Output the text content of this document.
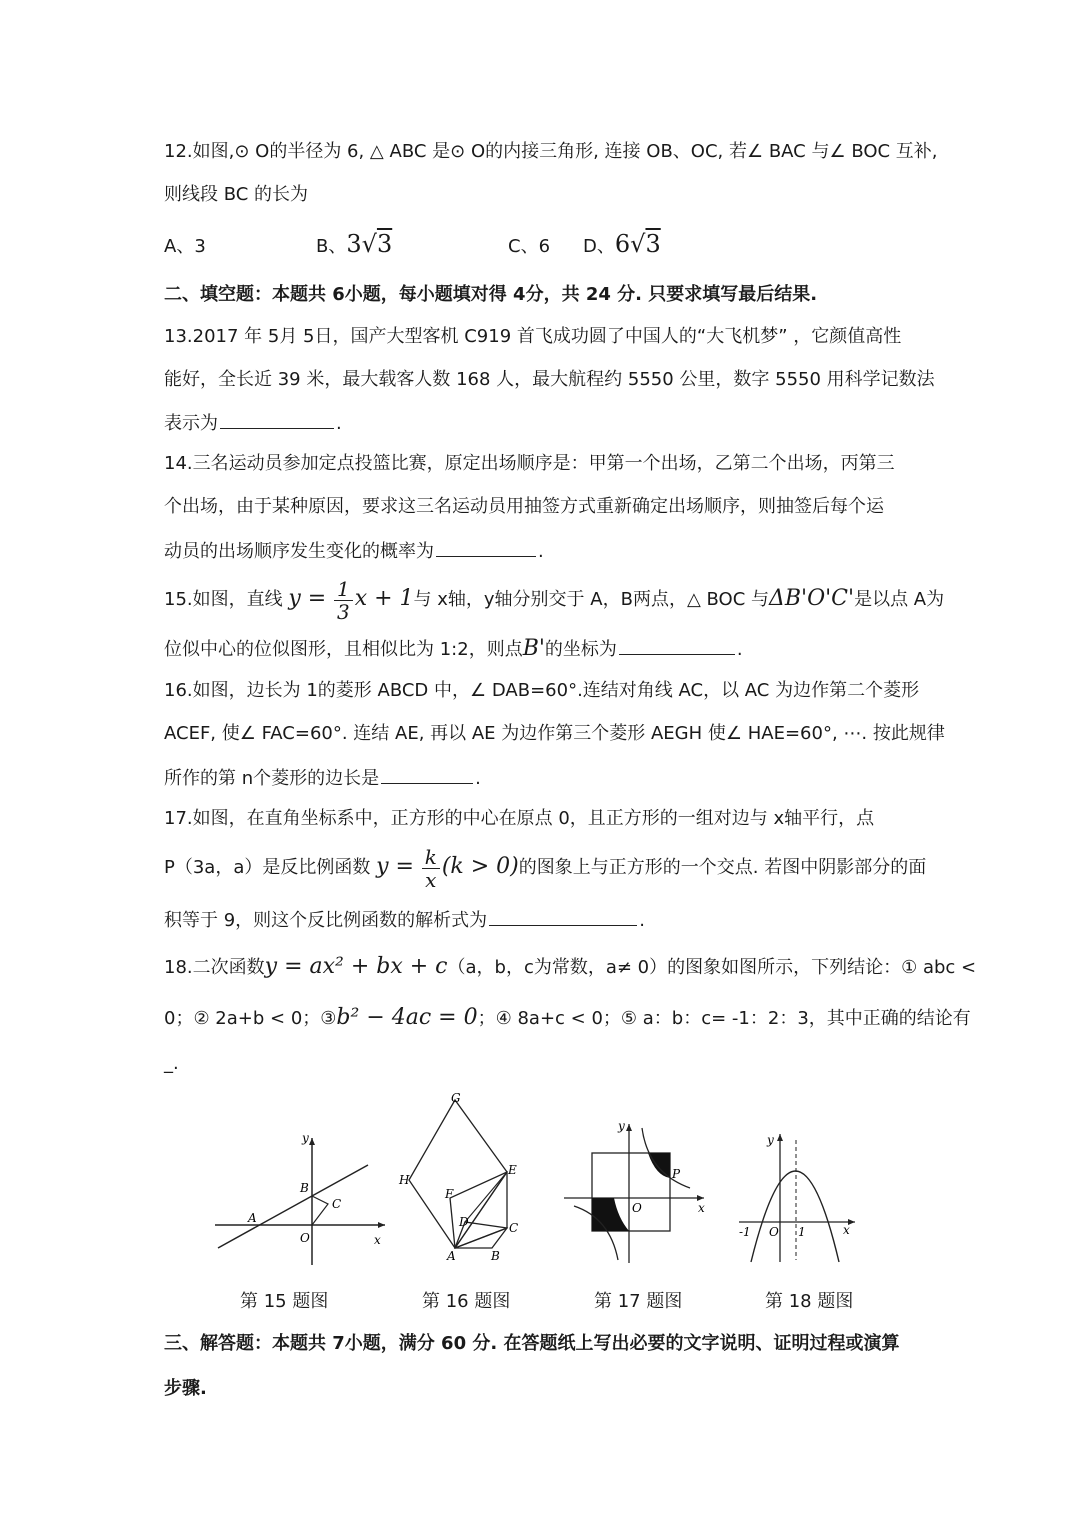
12.如图,⊙ O的半径为 6, △ ABC 是⊙ O的内接三角形, 连接 OB、OC, 若∠ BAC 与∠ BOC 互补,
则线段 BC 的长为
A、3	B、3√3	C、6 D、6√3
二、填空题：本题共 6小题，每小题填对得 4分，共 24 分. 只要求填写最后结果.
13.2017 年 5月 5日，国产大型客机 C919 首飞成功圆了中国人的“大飞机梦” ，它颜值高性
能好，全长近 39 米，最大载客人数 168 人，最大航程约 5550 公里，数字 5550 用科学记数法
表示为	.
14.三名运动员参加定点投篮比赛，原定出场顺序是：甲第一个出场，乙第二个出场，丙第三
个出场，由于某种原因，要求这三名运动员用抽签方式重新确定出场顺序，则抽签后每个运
动员的出场顺序发生变化的概率为	.
15.如图，直线 $y = \frac{1}{3}$ x + 1与 x轴，y轴分别交于 A，B两点，△ BOC 与ΔB'O'C'是以点 A为
位似中心的位似图形，且相似比为 1:2，则点B'的坐标为	.
16.如图，边长为 1的菱形 ABCD 中，∠ DAB=60°.连结对角线 AC，以 AC 为边作第二个菱形
ACEF, 使∠ FAC=60°. 连结 AE, 再以 AE 为边作第三个菱形 AEGH 使∠ HAE=60°, ⋯. 按此规律
所作的第 n个菱形的边长是	.
17.如图，在直角坐标系中，正方形的中心在原点 0，且正方形的一组对边与 x轴平行，点
P（3a，a）是反比例函数 $y = \frac{k}{x} (k > 0)$的图象上与正方形的一个交点. 若图中阴影部分的面
积等于 9，则这个反比例函数的解析式为	.
18.二次函数y = ax² + bx + c（a，b，c为常数，a≠ 0）的图象如图所示，下列结论：① abc <
0；② 2a+b < 0；③b² − 4ac = 0；④ 8a+c < 0；⑤ a：b：c= -1：2：3，其中正确的结论有
_.
y
B
C
A
O	x
G
H
E
F
D	C
A	B
y
P
O	x
y
-1 O 1	x
第 15 题图	第 16 题图	第 17 题图	第 18 题图
三、解答题：本题共 7小题，满分 60 分. 在答题纸上写出必要的文字说明、证明过程或演算
步骤.
